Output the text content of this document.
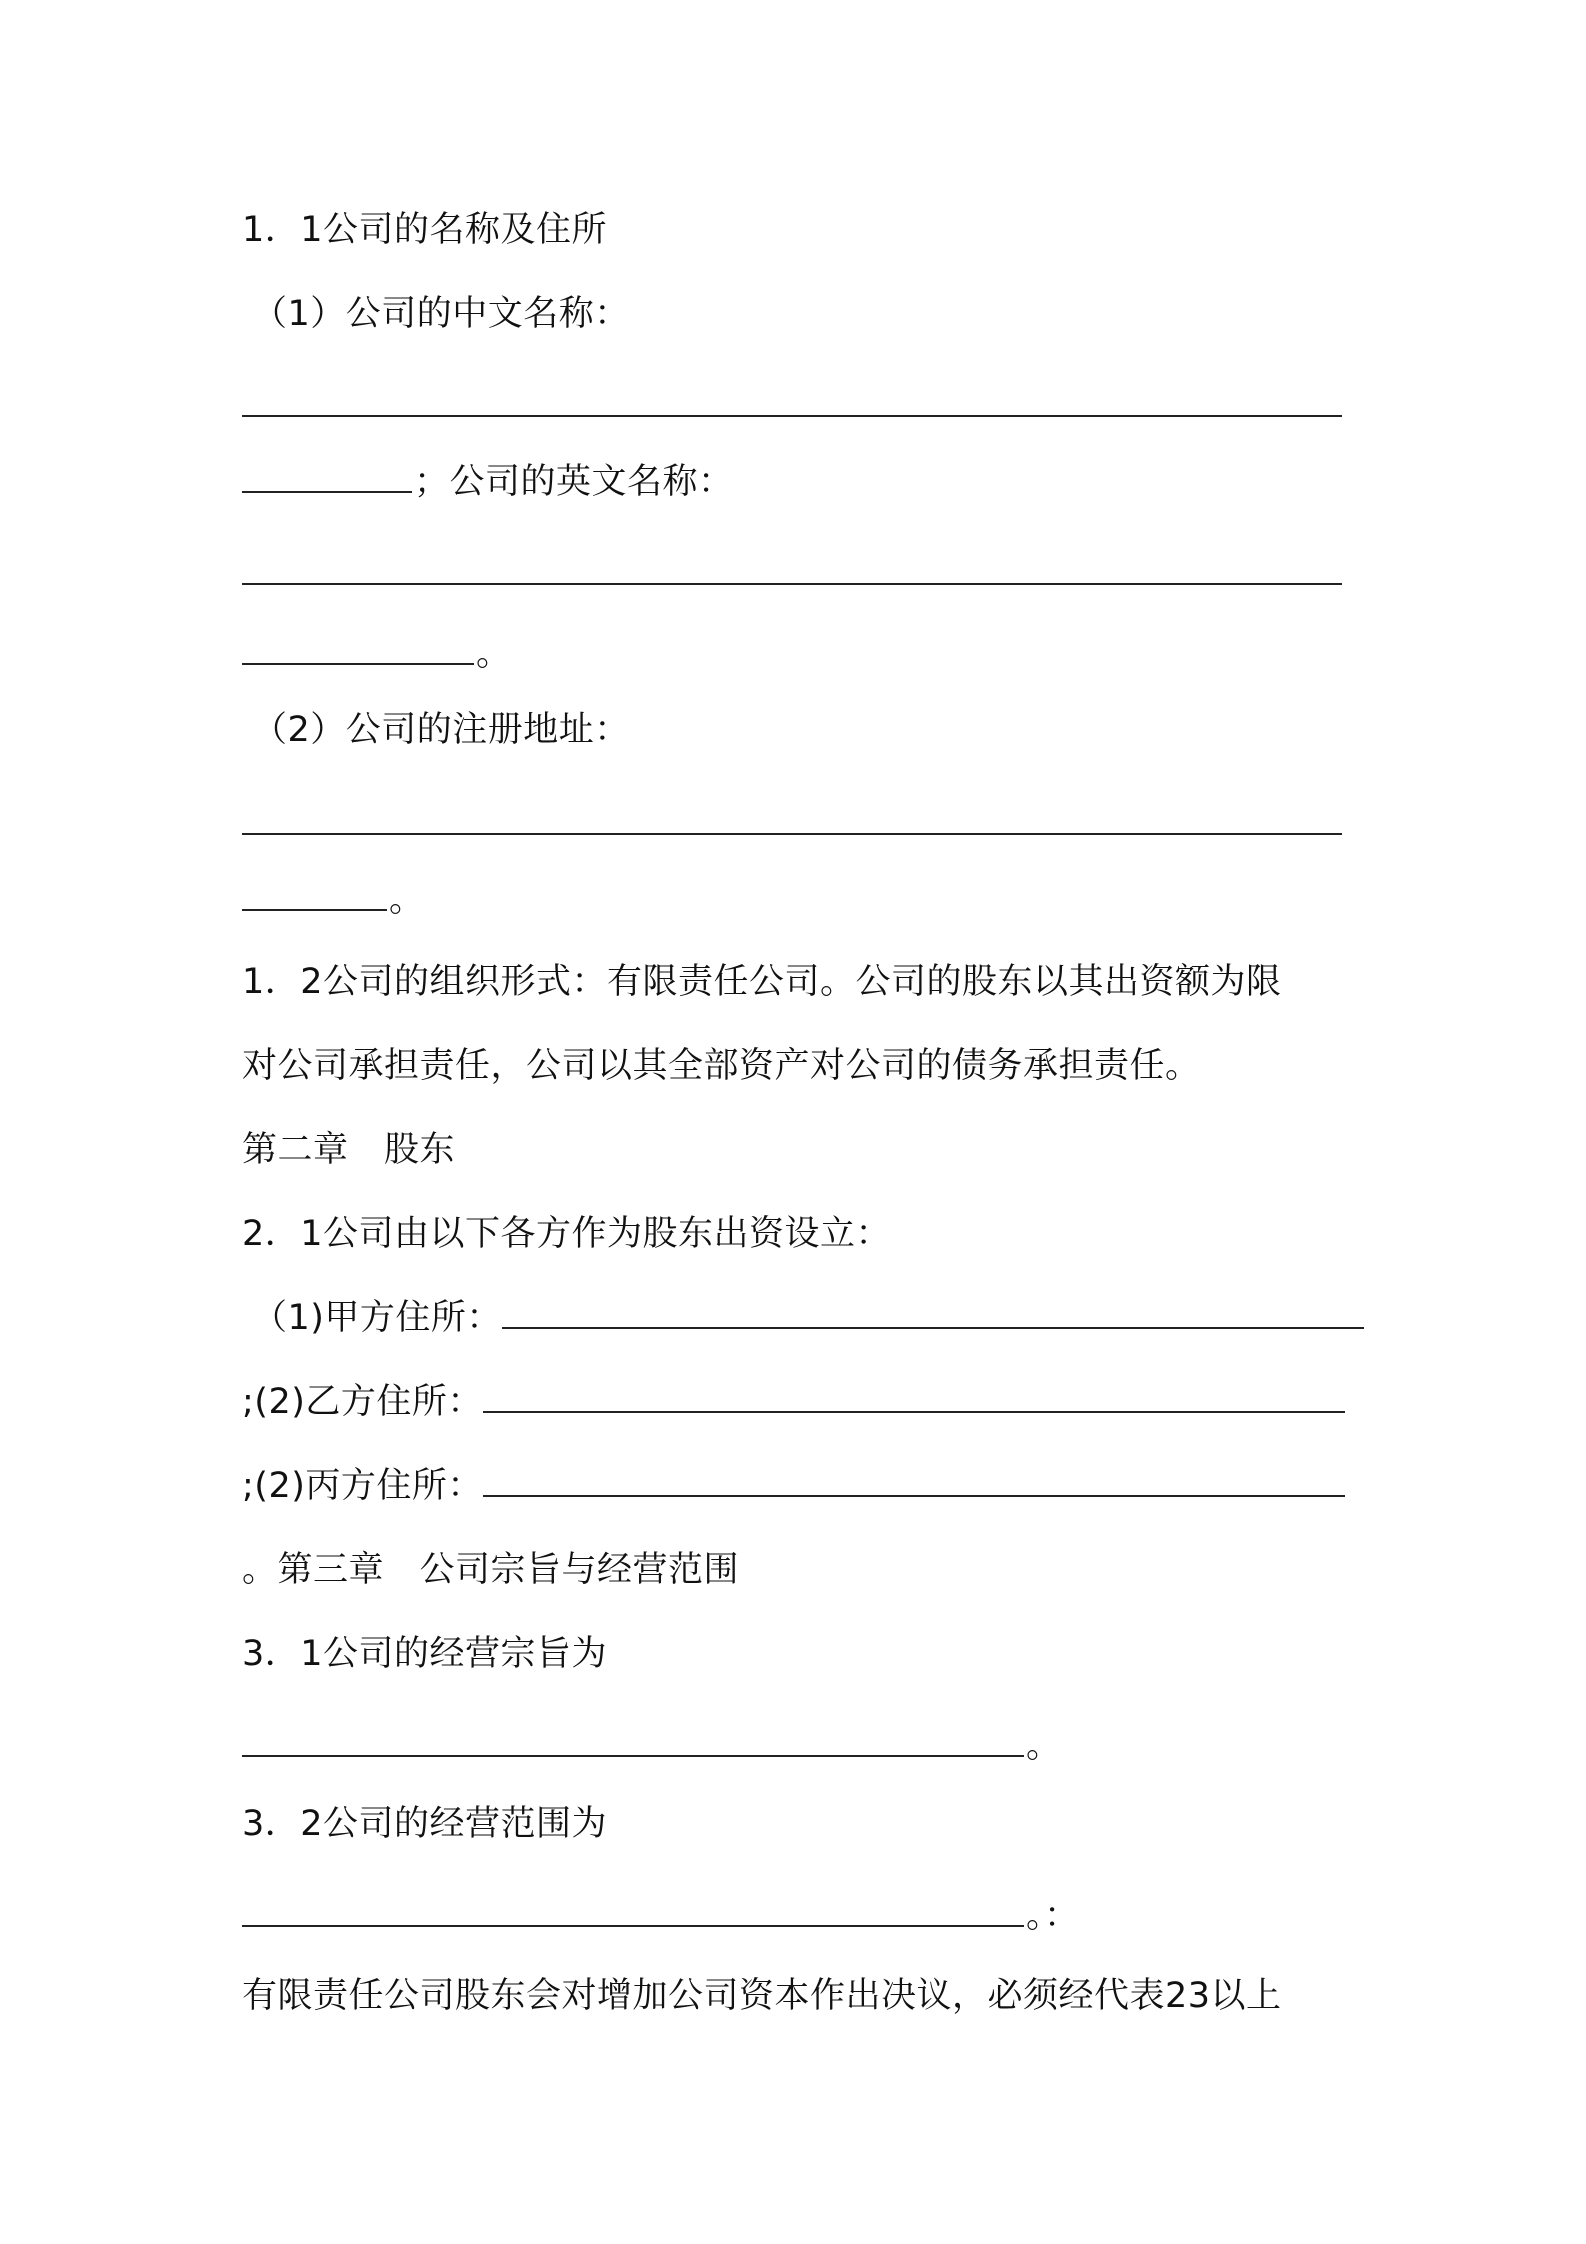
1．1公司的名称及住所
（1）公司的中文名称：
；公司的英文名称：
。
（2）公司的注册地址：
。
1．2公司的组织形式：有限责任公司。公司的股东以其出资额为限
对公司承担责任，公司以其全部资产对公司的债务承担责任。
第二章　股东
2．1公司由以下各方作为股东出资设立：
（1)甲方住所：
;(2)乙方住所：
;(2)丙方住所：
。第三章　公司宗旨与经营范围
3．1公司的经营宗旨为
。
3．2公司的经营范围为
。：
有限责任公司股东会对增加公司资本作出决议，必须经代表23以上
